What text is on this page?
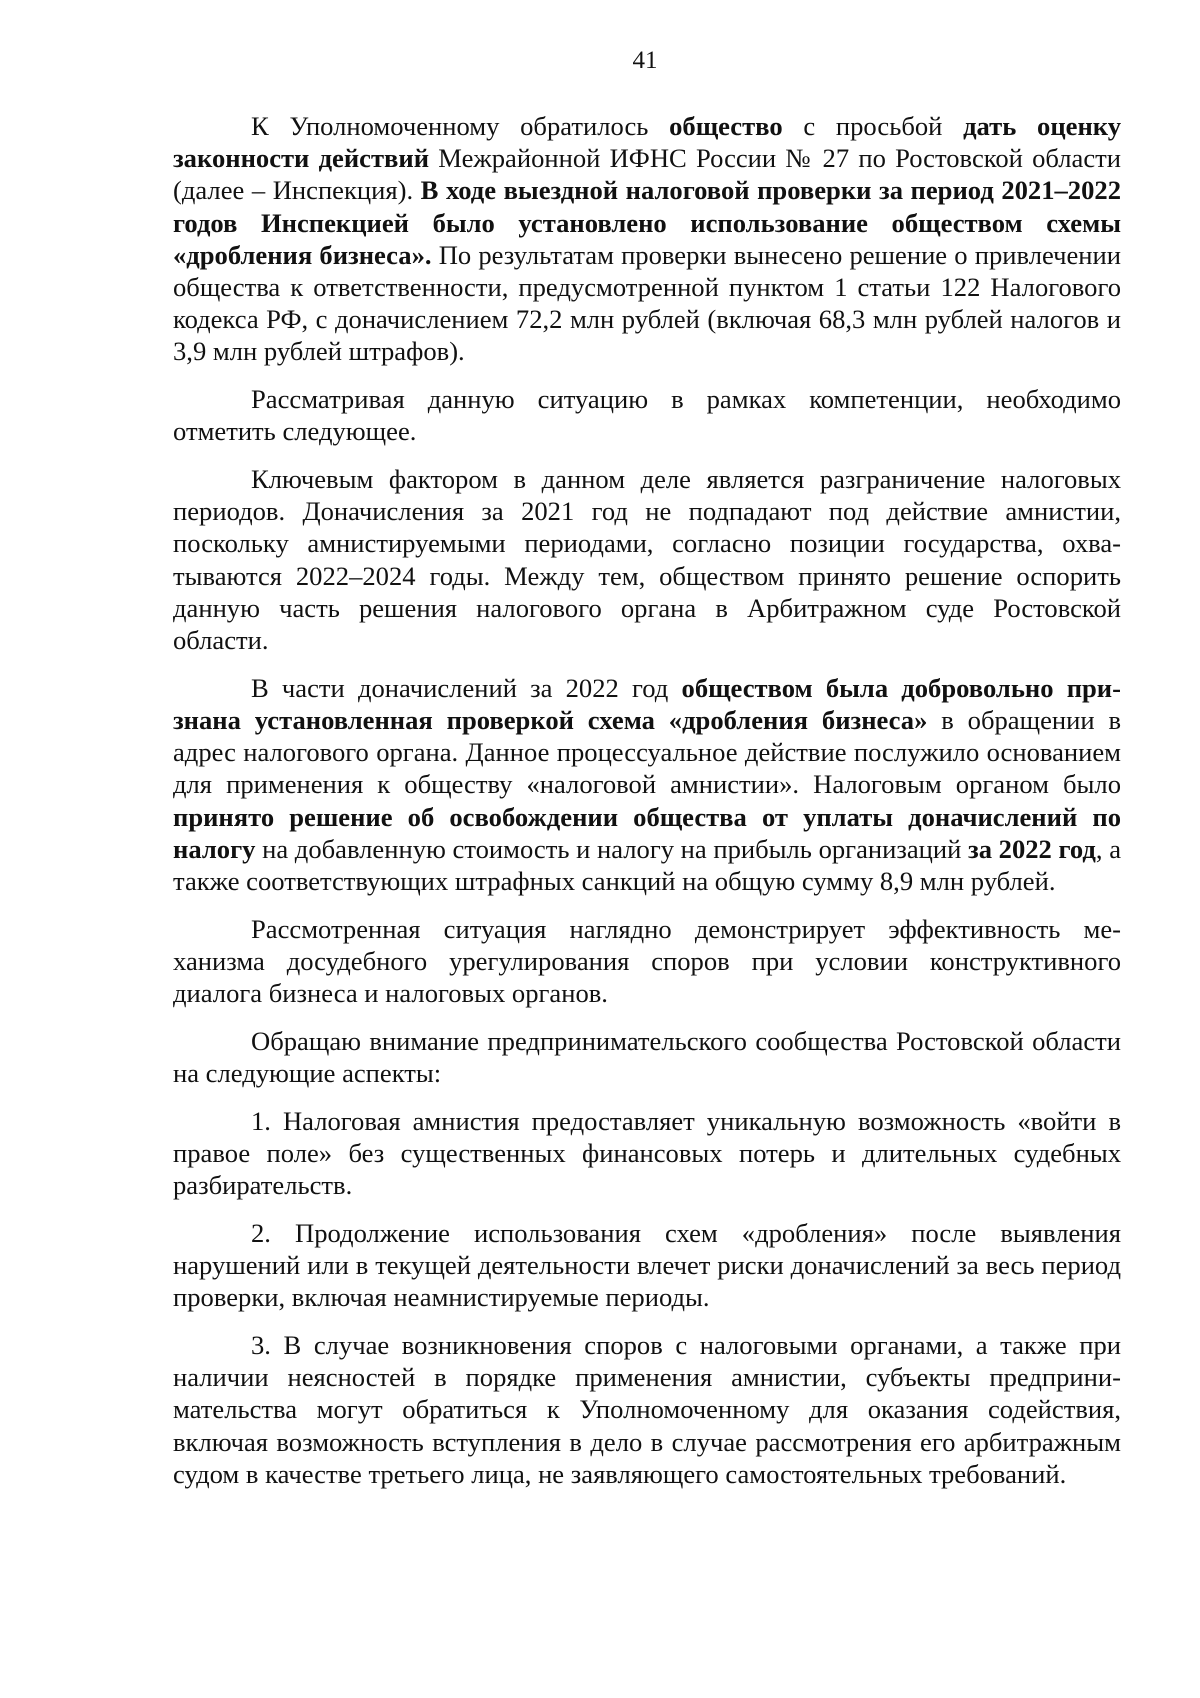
41

К Уполномоченному обратилось общество с просьбой дать оценку законности действий Межрайонной ИФНС России № 27 по Ростовской области (далее – Инспекция). В ходе выездной налоговой проверки за период 2021–2022 годов Инспекцией было установлено использование обществом схемы «дробления бизнеса». По результатам проверки вынесено решение о привлечении общества к ответственности, предусмотренной пунктом 1 статьи 122 Налогового кодекса РФ, с доначислением 72,2 млн рублей (включая 68,3 млн рублей налогов и 3,9 млн рублей штрафов).

Рассматривая данную ситуацию в рамках компетенции, необходимо отметить следующее.

Ключевым фактором в данном деле является разграничение налоговых периодов. Доначисления за 2021 год не подпадают под действие амнистии, поскольку амнистируемыми периодами, согласно позиции государства, охватываются 2022–2024 годы. Между тем, обществом принято решение оспорить данную часть решения налогового органа в Арбитражном суде Ростовской области.

В части доначислений за 2022 год обществом была добровольно признана установленная проверкой схема «дробления бизнеса» в обращении в адрес налогового органа. Данное процессуальное действие послужило основанием для применения к обществу «налоговой амнистии». Налоговым органом было принято решение об освобождении общества от уплаты доначислений по налогу на добавленную стоимость и налогу на прибыль организаций за 2022 год, а также соответствующих штрафных санкций на общую сумму 8,9 млн рублей.

Рассмотренная ситуация наглядно демонстрирует эффективность механизма досудебного урегулирования споров при условии конструктивного диалога бизнеса и налоговых органов.

Обращаю внимание предпринимательского сообщества Ростовской области на следующие аспекты:

1. Налоговая амнистия предоставляет уникальную возможность «войти в правое поле» без существенных финансовых потерь и длительных судебных разбирательств.

2. Продолжение использования схем «дробления» после выявления нарушений или в текущей деятельности влечет риски доначислений за весь период проверки, включая неамнистируемые периоды.

3. В случае возникновения споров с налоговыми органами, а также при наличии неясностей в порядке применения амнистии, субъекты предпринимательства могут обратиться к Уполномоченному для оказания содействия, включая возможность вступления в дело в случае рассмотрения его арбитражным судом в качестве третьего лица, не заявляющего самостоятельных требований.
